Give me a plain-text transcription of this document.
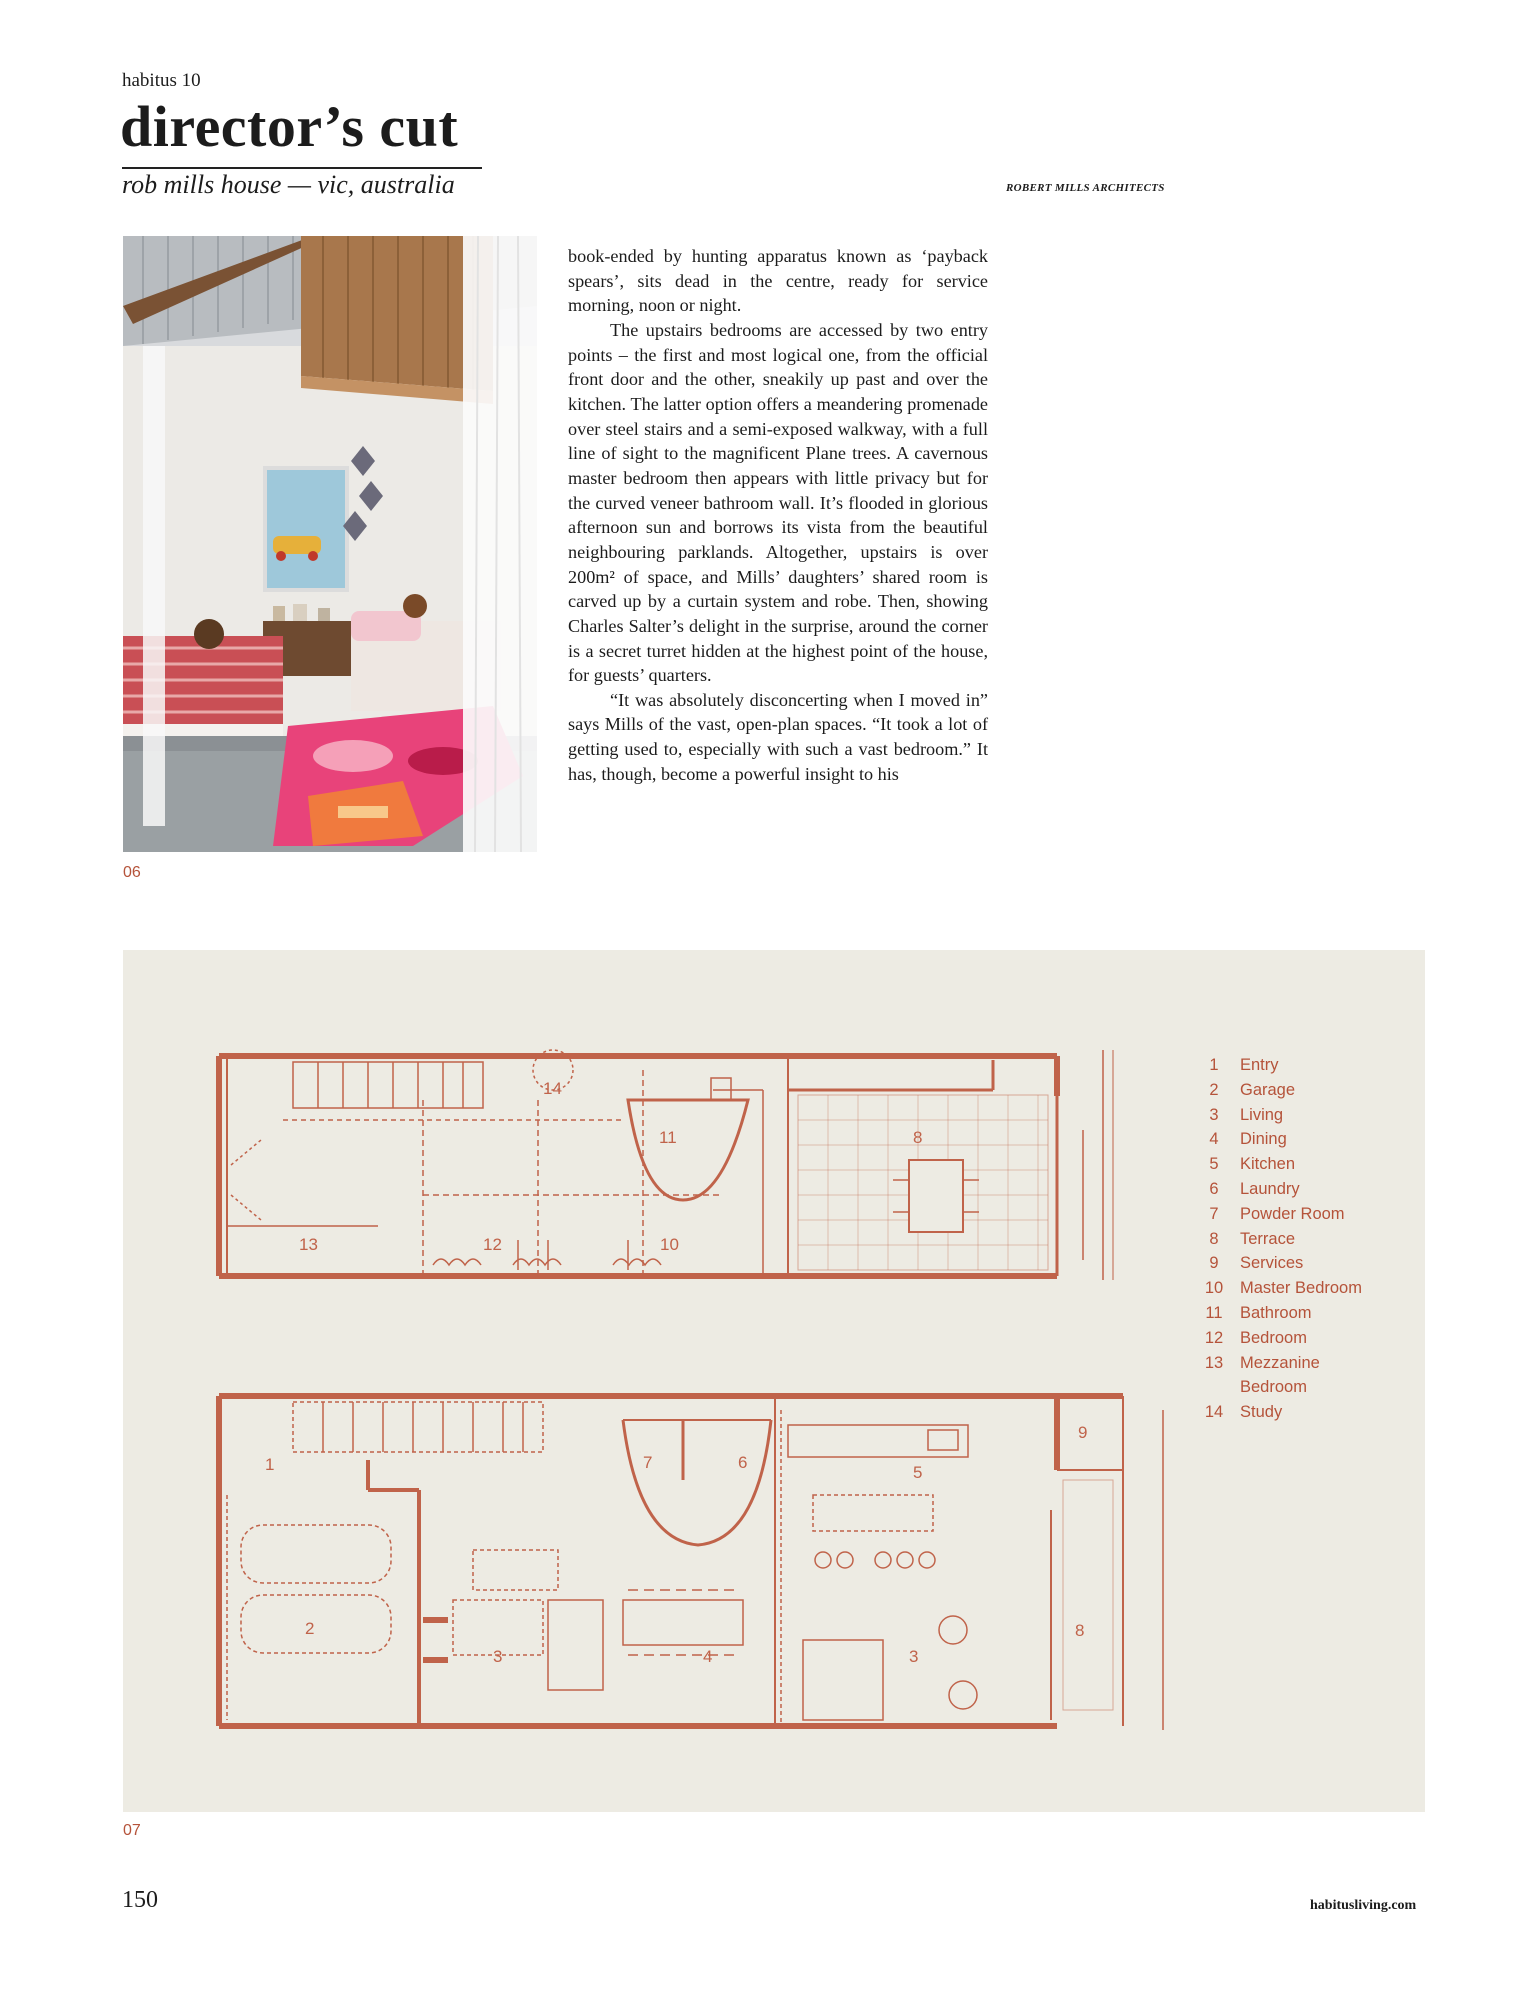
habitus 10
director’s cut
rob mills house — vic, australia	ROBERT MILLS ARCHITECTS
06

book-ended by hunting apparatus known as ‘payback spears’, sits dead in the centre, ready for service morning, noon or night.

The upstairs bedrooms are accessed by two entry points – the first and most logical one, from the official front door and the other, sneakily up past and over the kitchen. The latter option offers a meandering promenade over steel stairs and a semi-exposed walkway, with a full line of sight to the magnificent Plane trees. A cavernous master bedroom then appears with little privacy but for the curved veneer bathroom wall. It’s flooded in glorious afternoon sun and borrows its vista from the beautiful neighbouring parklands. Altogether, upstairs is over 200m² of space, and Mills’ daughters’ shared room is carved up by a curtain system and robe. Then, showing Charles Salter’s delight in the surprise, around the corner is a secret turret hidden at the highest point of the house, for guests’ quarters.

“It was absolutely disconcerting when I moved in” says Mills of the vast, open-plan spaces. “It took a lot of getting used to, especially with such a vast bedroom.” It has, though, become a powerful insight to his

14
11	8
13	12	10
1	7	6
5
9
2
3	4	3
8
1	Entry
2	Garage
3	Living
4	Dining
5	Kitchen
6	Laundry
7	Powder Room
8	Terrace
9	Services
10	Master Bedroom
11	Bathroom
12	Bedroom
13	Mezzanine
Bedroom
14	Study
07
150	habitusliving.com
